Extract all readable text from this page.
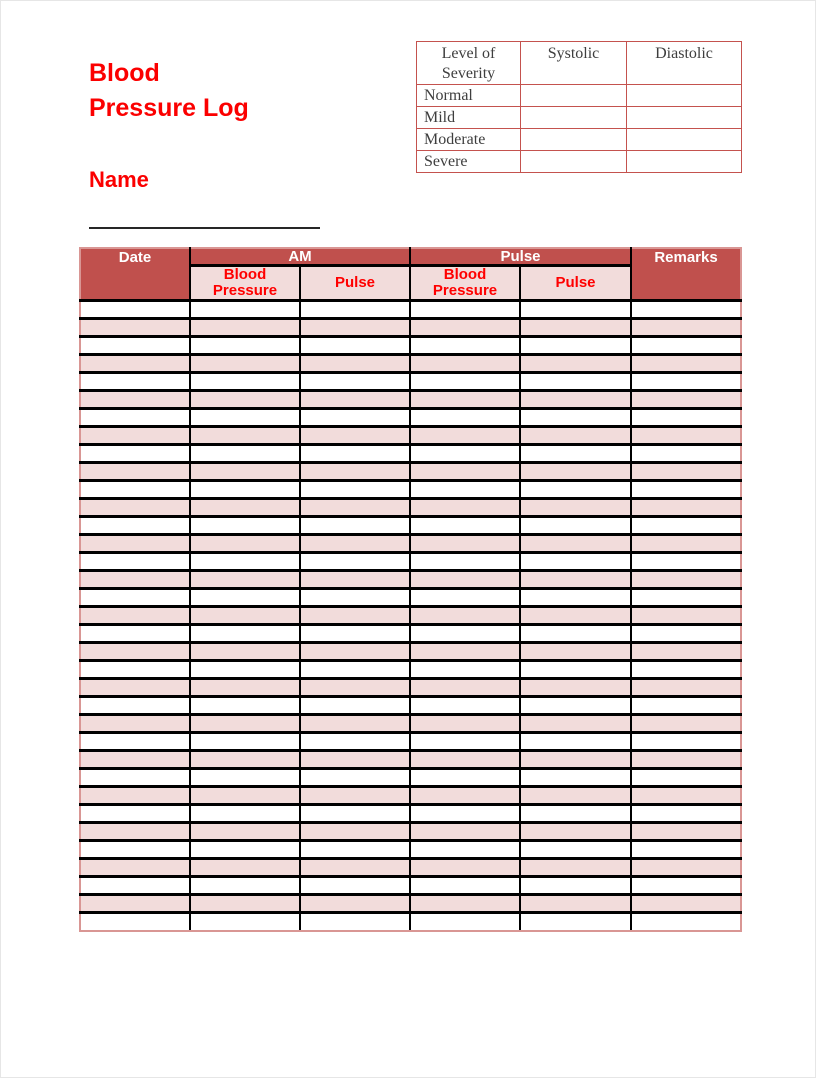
Blood
Pressure Log
Level of Severity	Systolic	Diastolic
Normal		
Mild		
Moderate		
Severe		
Name
Date	AM		Pulse		Remarks

	Blood Pressure	Pulse	Blood Pressure	Pulse	
